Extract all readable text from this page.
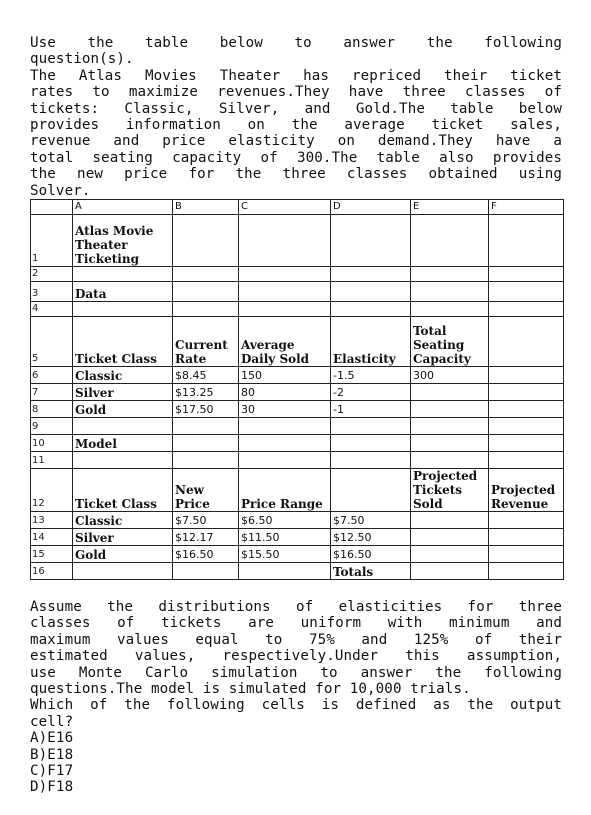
Use the table below to answer the following
question(s).
The Atlas Movies Theater has repriced their ticket
rates to maximize revenues.They have three classes of
tickets: Classic, Silver, and Gold.The table below
provides information on the average ticket sales,
revenue and price elasticity on demand.They have a
total seating capacity of 300.The table also provides
the new price for the three classes obtained using
Solver.
	A	B	C	D	E	F
1	Atlas Movie Theater Ticketing					
2						
3	Data					
4						
5	Ticket Class	Current Rate	Average Daily Sold	Elasticity	Total Seating Capacity	
6	Classic	$8.45	150	-1.5	300	
7	Silver	$13.25	80	-2		
8	Gold	$17.50	30	-1		
9						
10	Model					
11						
12	Ticket Class	New Price	Price Range		Projected Tickets Sold	Projected Revenue
13	Classic	$7.50	$6.50	$7.50		
14	Silver	$12.17	$11.50	$12.50		
15	Gold	$16.50	$15.50	$16.50		
16				Totals		
Assume the distributions of elasticities for three
classes of tickets are uniform with minimum and
maximum values equal to 75% and 125% of their
estimated values, respectively.Under this assumption,
use Monte Carlo simulation to answer the following
questions.The model is simulated for 10,000 trials.
Which of the following cells is defined as the output
cell?
A)E16
B)E18
C)F17
D)F18
